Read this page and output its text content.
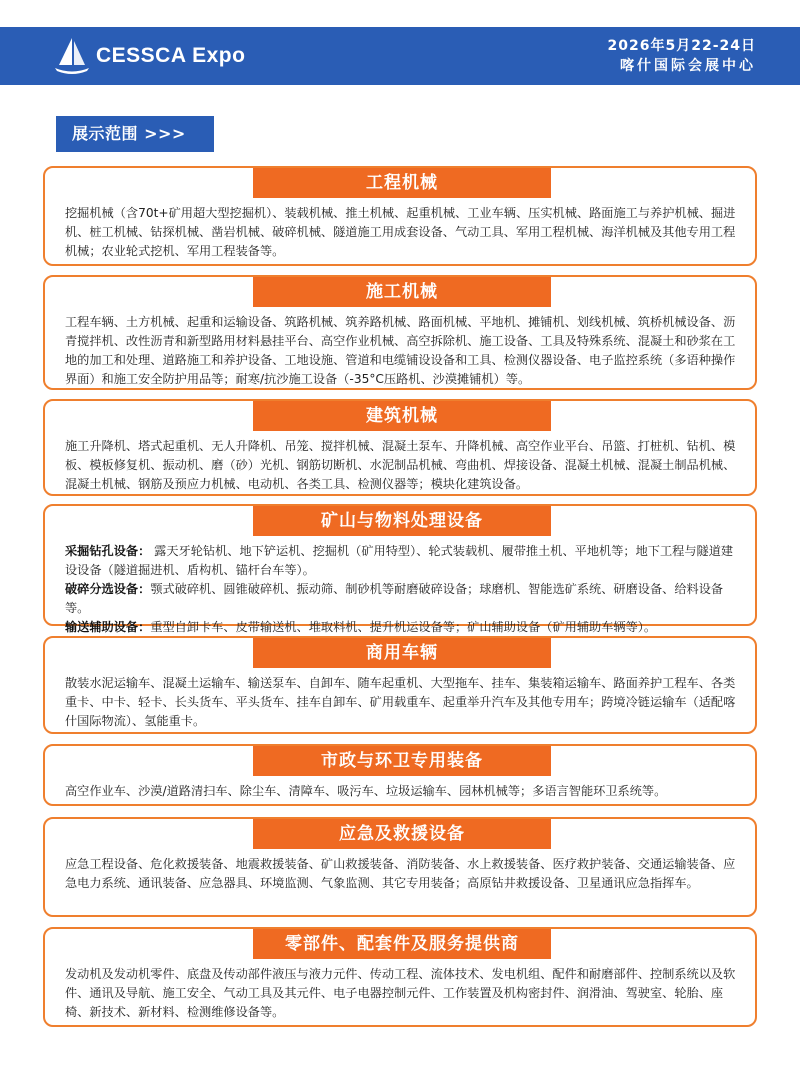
CESSCA Expo	2026年5月22-24日
喀什国际会展中心
展示范围 >>>
工程机械

挖掘机械（含70t+矿用超大型挖掘机）、装载机械、推土机械、起重机械、工业车辆、压实机械、路面施工与养护机械、掘进机、桩工机械、钻探机械、凿岩机械、破碎机械、隧道施工用成套设备、气动工具、军用工程机械、海洋机械及其他专用工程机械；农业轮式挖机、军用工程装备等。

施工机械

工程车辆、土方机械、起重和运输设备、筑路机械、筑养路机械、路面机械、平地机、摊铺机、划线机械、筑桥机械设备、沥青搅拌机、改性沥青和新型路用材料悬挂平台、高空作业机械、高空拆除机、施工设备、工具及特殊系统、混凝土和砂浆在工地的加工和处理、道路施工和养护设备、工地设施、管道和电缆铺设设备和工具、检测仪器设备、电子监控系统（多语种操作界面）和施工安全防护用品等；耐寒/抗沙施工设备（-35°C压路机、沙漠摊铺机）等。

建筑机械

施工升降机、塔式起重机、无人升降机、吊笼、搅拌机械、混凝土泵车、升降机械、高空作业平台、吊篮、打桩机、钻机、模板、模板修复机、振动机、磨（砂）光机、钢筋切断机、水泥制品机械、弯曲机、焊接设备、混凝土机械、混凝土制品机械、混凝土机械、钢筋及预应力机械、电动机、各类工具、检测仪器等；模块化建筑设备。

矿山与物料处理设备

采掘钻孔设备： 露天牙轮钻机、地下铲运机、挖掘机（矿用特型）、轮式装载机、履带推土机、平地机等；地下工程与隧道建设设备（隧道掘进机、盾构机、锚杆台车等）。

破碎分选设备：颚式破碎机、圆锥破碎机、振动筛、制砂机等耐磨破碎设备；球磨机、智能选矿系统、研磨设备、给料设备等。

输送辅助设备：重型自卸卡车、皮带输送机、堆取料机、提升机运设备等；矿山辅助设备（矿用辅助车辆等）。

商用车辆

散装水泥运输车、混凝土运输车、输送泵车、自卸车、随车起重机、大型拖车、挂车、集装箱运输车、路面养护工程车、各类重卡、中卡、轻卡、长头货车、平头货车、挂车自卸车、矿用载重车、起重举升汽车及其他专用车；跨境冷链运输车（适配喀什国际物流）、氢能重卡。

市政与环卫专用装备

高空作业车、沙漠/道路清扫车、除尘车、清障车、吸污车、垃圾运输车、园林机械等；多语言智能环卫系统等。

应急及救援设备

应急工程设备、危化救援装备、地震救援装备、矿山救援装备、消防装备、水上救援装备、医疗救护装备、交通运输装备、应急电力系统、通讯装备、应急器具、环境监测、气象监测、其它专用装备；高原钻井救援设备、卫星通讯应急指挥车。

零部件、配套件及服务提供商

发动机及发动机零件、底盘及传动部件液压与液力元件、传动工程、流体技术、发电机组、配件和耐磨部件、控制系统以及软件、通讯及导航、施工安全、气动工具及其元件、电子电器控制元件、工作装置及机构密封件、润滑油、驾驶室、轮胎、座椅、新技术、新材料、检测维修设备等。
